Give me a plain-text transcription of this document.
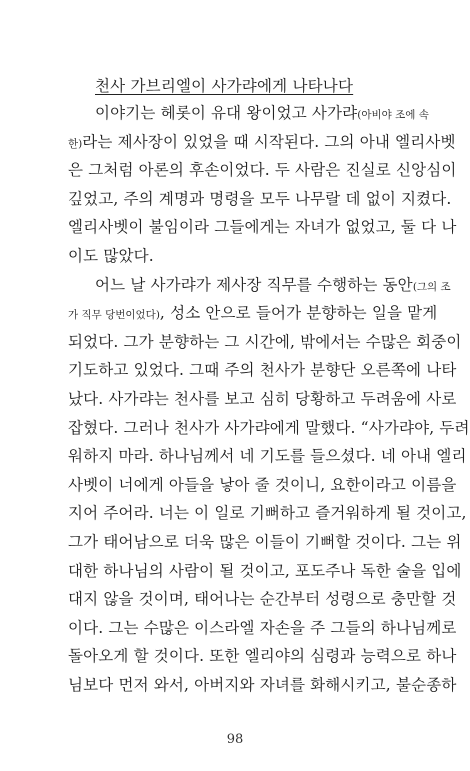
천사 가브리엘이 사가랴에게 나타나다
이야기는 헤롯이 유대 왕이었고 사가랴(아비야 조에 속
한)라는 제사장이 있었을 때 시작된다. 그의 아내 엘리사벳
은 그처럼 아론의 후손이었다. 두 사람은 진실로 신앙심이
깊었고, 주의 계명과 명령을 모두 나무랄 데 없이 지켰다.
엘리사벳이 불임이라 그들에게는 자녀가 없었고, 둘 다 나
이도 많았다.
어느 날 사가랴가 제사장 직무를 수행하는 동안(그의 조
가 직무 당번이었다), 성소 안으로 들어가 분향하는 일을 맡게
되었다. 그가 분향하는 그 시간에, 밖에서는 수많은 회중이
기도하고 있었다. 그때 주의 천사가 분향단 오른쪽에 나타
났다. 사가랴는 천사를 보고 심히 당황하고 두려움에 사로
잡혔다. 그러나 천사가 사가랴에게 말했다. “사가랴야, 두려
워하지 마라. 하나님께서 네 기도를 들으셨다. 네 아내 엘리
사벳이 너에게 아들을 낳아 줄 것이니, 요한이라고 이름을
지어 주어라. 너는 이 일로 기뻐하고 즐거워하게 될 것이고,
그가 태어남으로 더욱 많은 이들이 기뻐할 것이다. 그는 위
대한 하나님의 사람이 될 것이고, 포도주나 독한 술을 입에
대지 않을 것이며, 태어나는 순간부터 성령으로 충만할 것
이다. 그는 수많은 이스라엘 자손을 주 그들의 하나님께로
돌아오게 할 것이다. 또한 엘리야의 심령과 능력으로 하나
님보다 먼저 와서, 아버지와 자녀를 화해시키고, 불순종하
98
